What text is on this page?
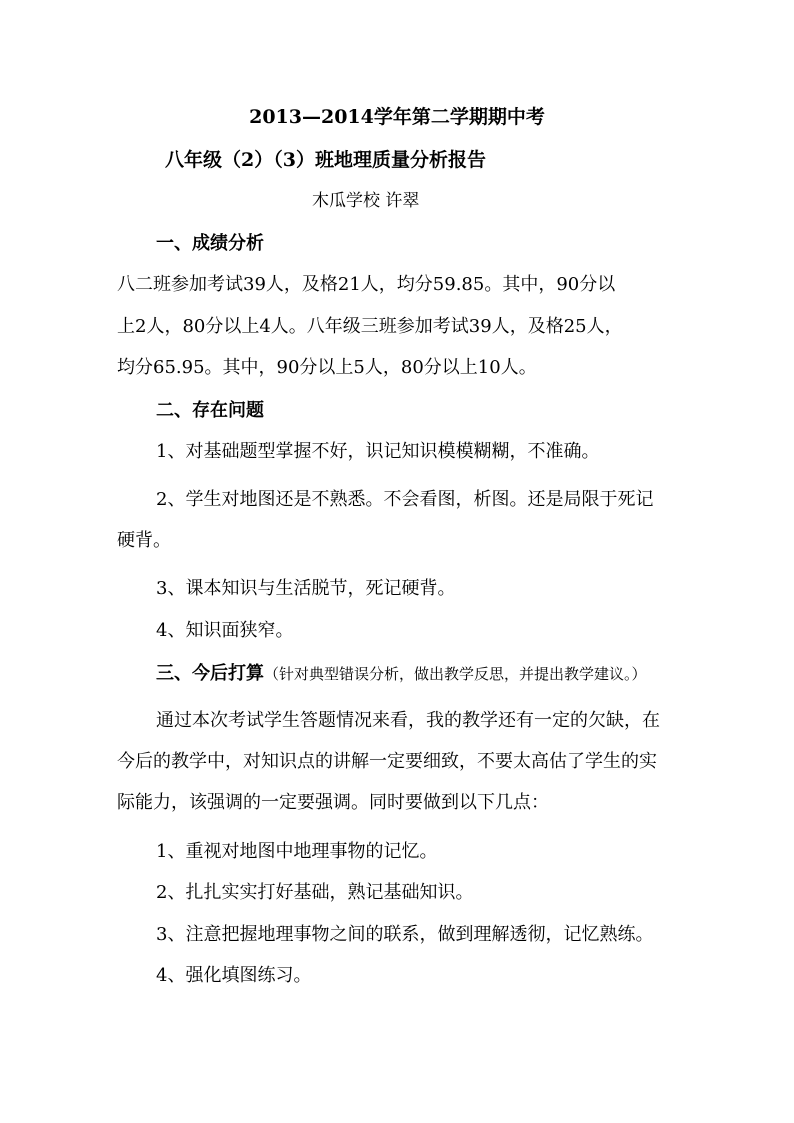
2013—2014学年第二学期期中考
八年级（2）（3）班地理质量分析报告
木瓜学校 许翠
一、成绩分析
八二班参加考试39人，及格21人，均分59.85。其中，90分以
上2人，80分以上4人。八年级三班参加考试39人，及格25人，
均分65.95。其中，90分以上5人，80分以上10人。
二、存在问题
1、对基础题型掌握不好，识记知识模模糊糊，不准确。
2、学生对地图还是不熟悉。不会看图，析图。还是局限于死记
硬背。
3、课本知识与生活脱节，死记硬背。
4、知识面狭窄。
三、今后打算（针对典型错误分析，做出教学反思，并提出教学建议。）
通过本次考试学生答题情况来看，我的教学还有一定的欠缺，在
今后的教学中，对知识点的讲解一定要细致，不要太高估了学生的实
际能力，该强调的一定要强调。同时要做到以下几点：
1、重视对地图中地理事物的记忆。
2、扎扎实实打好基础，熟记基础知识。
3、注意把握地理事物之间的联系，做到理解透彻，记忆熟练。
4、强化填图练习。
